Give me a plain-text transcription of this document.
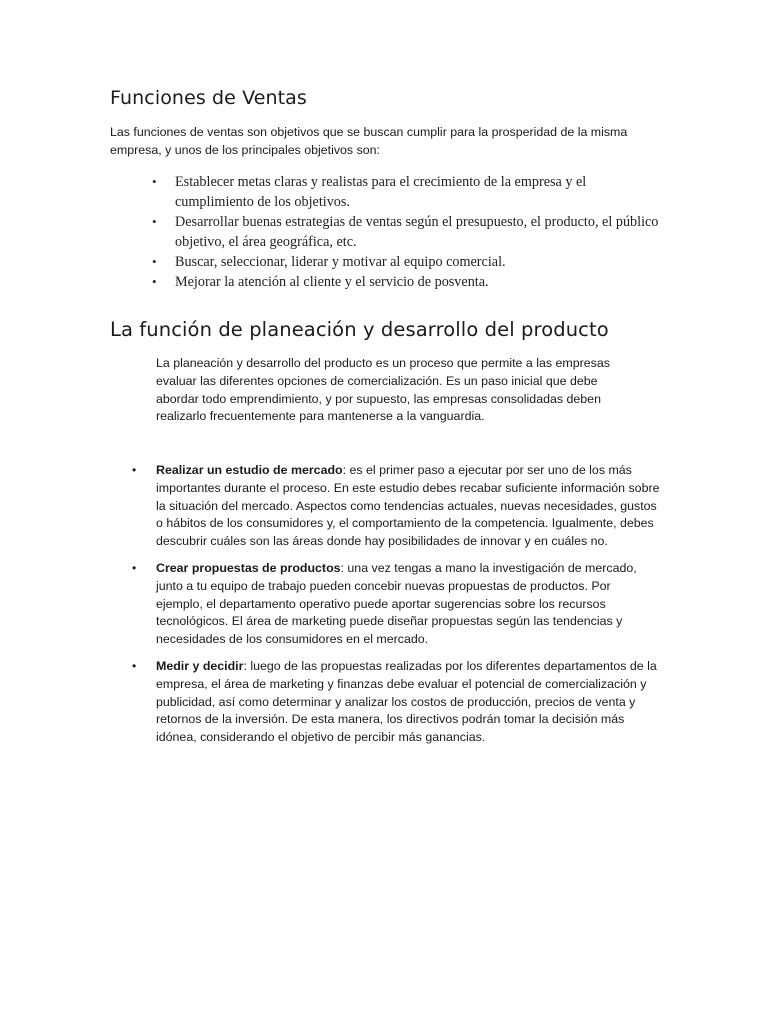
Funciones de Ventas

Las funciones de ventas son objetivos que se buscan cumplir para la prosperidad de la misma empresa, y unos de los principales objetivos son:

• Establecer metas claras y realistas para el crecimiento de la empresa y el cumplimiento de los objetivos.
• Desarrollar buenas estrategias de ventas según el presupuesto, el producto, el público objetivo, el área geográfica, etc.
• Buscar, seleccionar, liderar y motivar al equipo comercial.
• Mejorar la atención al cliente y el servicio de posventa.
La función de planeación y desarrollo del producto

La planeación y desarrollo del producto es un proceso que permite a las empresas evaluar las diferentes opciones de comercialización. Es un paso inicial que debe abordar todo emprendimiento, y por supuesto, las empresas consolidadas deben realizarlo frecuentemente para mantenerse a la vanguardia.

• Realizar un estudio de mercado: es el primer paso a ejecutar por ser uno de los más importantes durante el proceso. En este estudio debes recabar suficiente información sobre la situación del mercado. Aspectos como tendencias actuales, nuevas necesidades, gustos o hábitos de los consumidores y, el comportamiento de la competencia. Igualmente, debes descubrir cuáles son las áreas donde hay posibilidades de innovar y en cuáles no.
• Crear propuestas de productos: una vez tengas a mano la investigación de mercado, junto a tu equipo de trabajo pueden concebir nuevas propuestas de productos. Por ejemplo, el departamento operativo puede aportar sugerencias sobre los recursos tecnológicos. El área de marketing puede diseñar propuestas según las tendencias y necesidades de los consumidores en el mercado.
• Medir y decidir: luego de las propuestas realizadas por los diferentes departamentos de la empresa, el área de marketing y finanzas debe evaluar el potencial de comercialización y publicidad, así como determinar y analizar los costos de producción, precios de venta y retornos de la inversión. De esta manera, los directivos podrán tomar la decisión más idónea, considerando el objetivo de percibir más ganancias.
